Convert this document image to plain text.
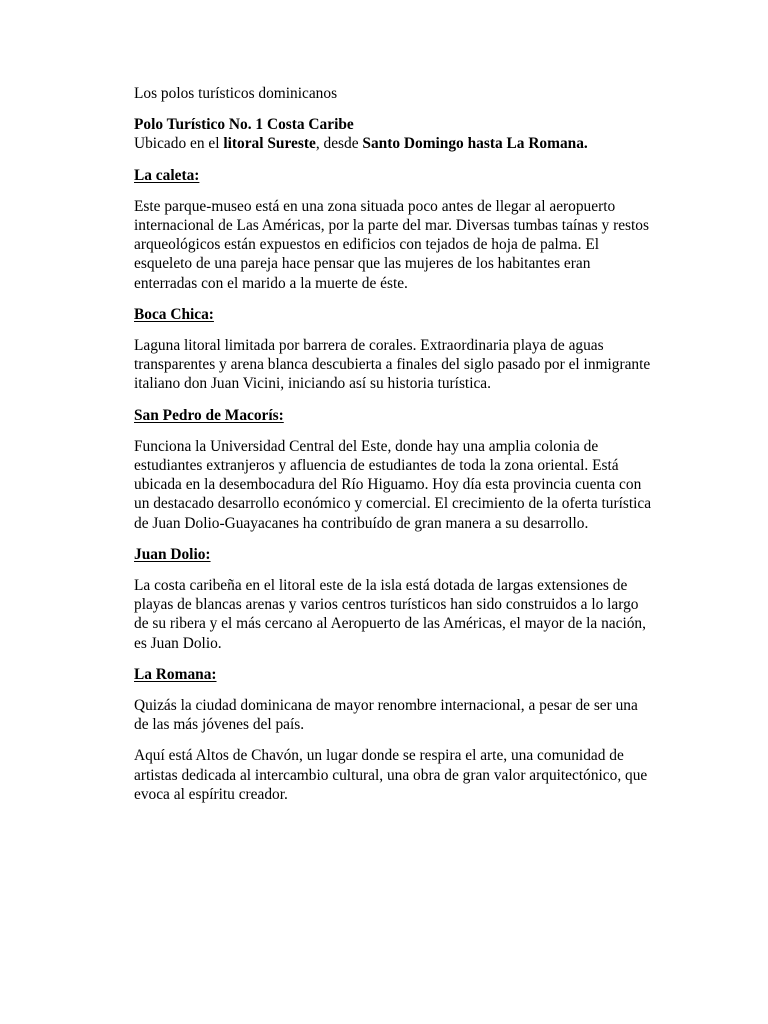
Los polos turísticos dominicanos

Polo Turístico No. 1 Costa Caribe

Ubicado en el litoral Sureste, desde Santo Domingo hasta La Romana.

La caleta:

Este parque-museo está en una zona situada poco antes de llegar al aeropuerto internacional de Las Américas, por la parte del mar. Diversas tumbas taínas y restos arqueológicos están expuestos en edificios con tejados de hoja de palma. El esqueleto de una pareja hace pensar que las mujeres de los habitantes eran enterradas con el marido a la muerte de éste.

Boca Chica:

Laguna litoral limitada por barrera de corales. Extraordinaria playa de aguas transparentes y arena blanca descubierta a finales del siglo pasado por el inmigrante italiano don Juan Vicini, iniciando así su historia turística.

San Pedro de Macorís:

Funciona la Universidad Central del Este, donde hay una amplia colonia de estudiantes extranjeros y afluencia de estudiantes de toda la zona oriental. Está ubicada en la desembocadura del Río Higuamo. Hoy día esta provincia cuenta con un destacado desarrollo económico y comercial. El crecimiento de la oferta turística de Juan Dolio-Guayacanes ha contribuído de gran manera a su desarrollo.

Juan Dolio:

La costa caribeña en el litoral este de la isla está dotada de largas extensiones de playas de blancas arenas y varios centros turísticos han sido construidos a lo largo de su ribera y el más cercano al Aeropuerto de las Américas, el mayor de la nación, es Juan Dolio.

La Romana:

Quizás la ciudad dominicana de mayor renombre internacional, a pesar de ser una de las más jóvenes del país.

Aquí está Altos de Chavón, un lugar donde se respira el arte, una comunidad de artistas dedicada al intercambio cultural, una obra de gran valor arquitectónico, que evoca al espíritu creador.
